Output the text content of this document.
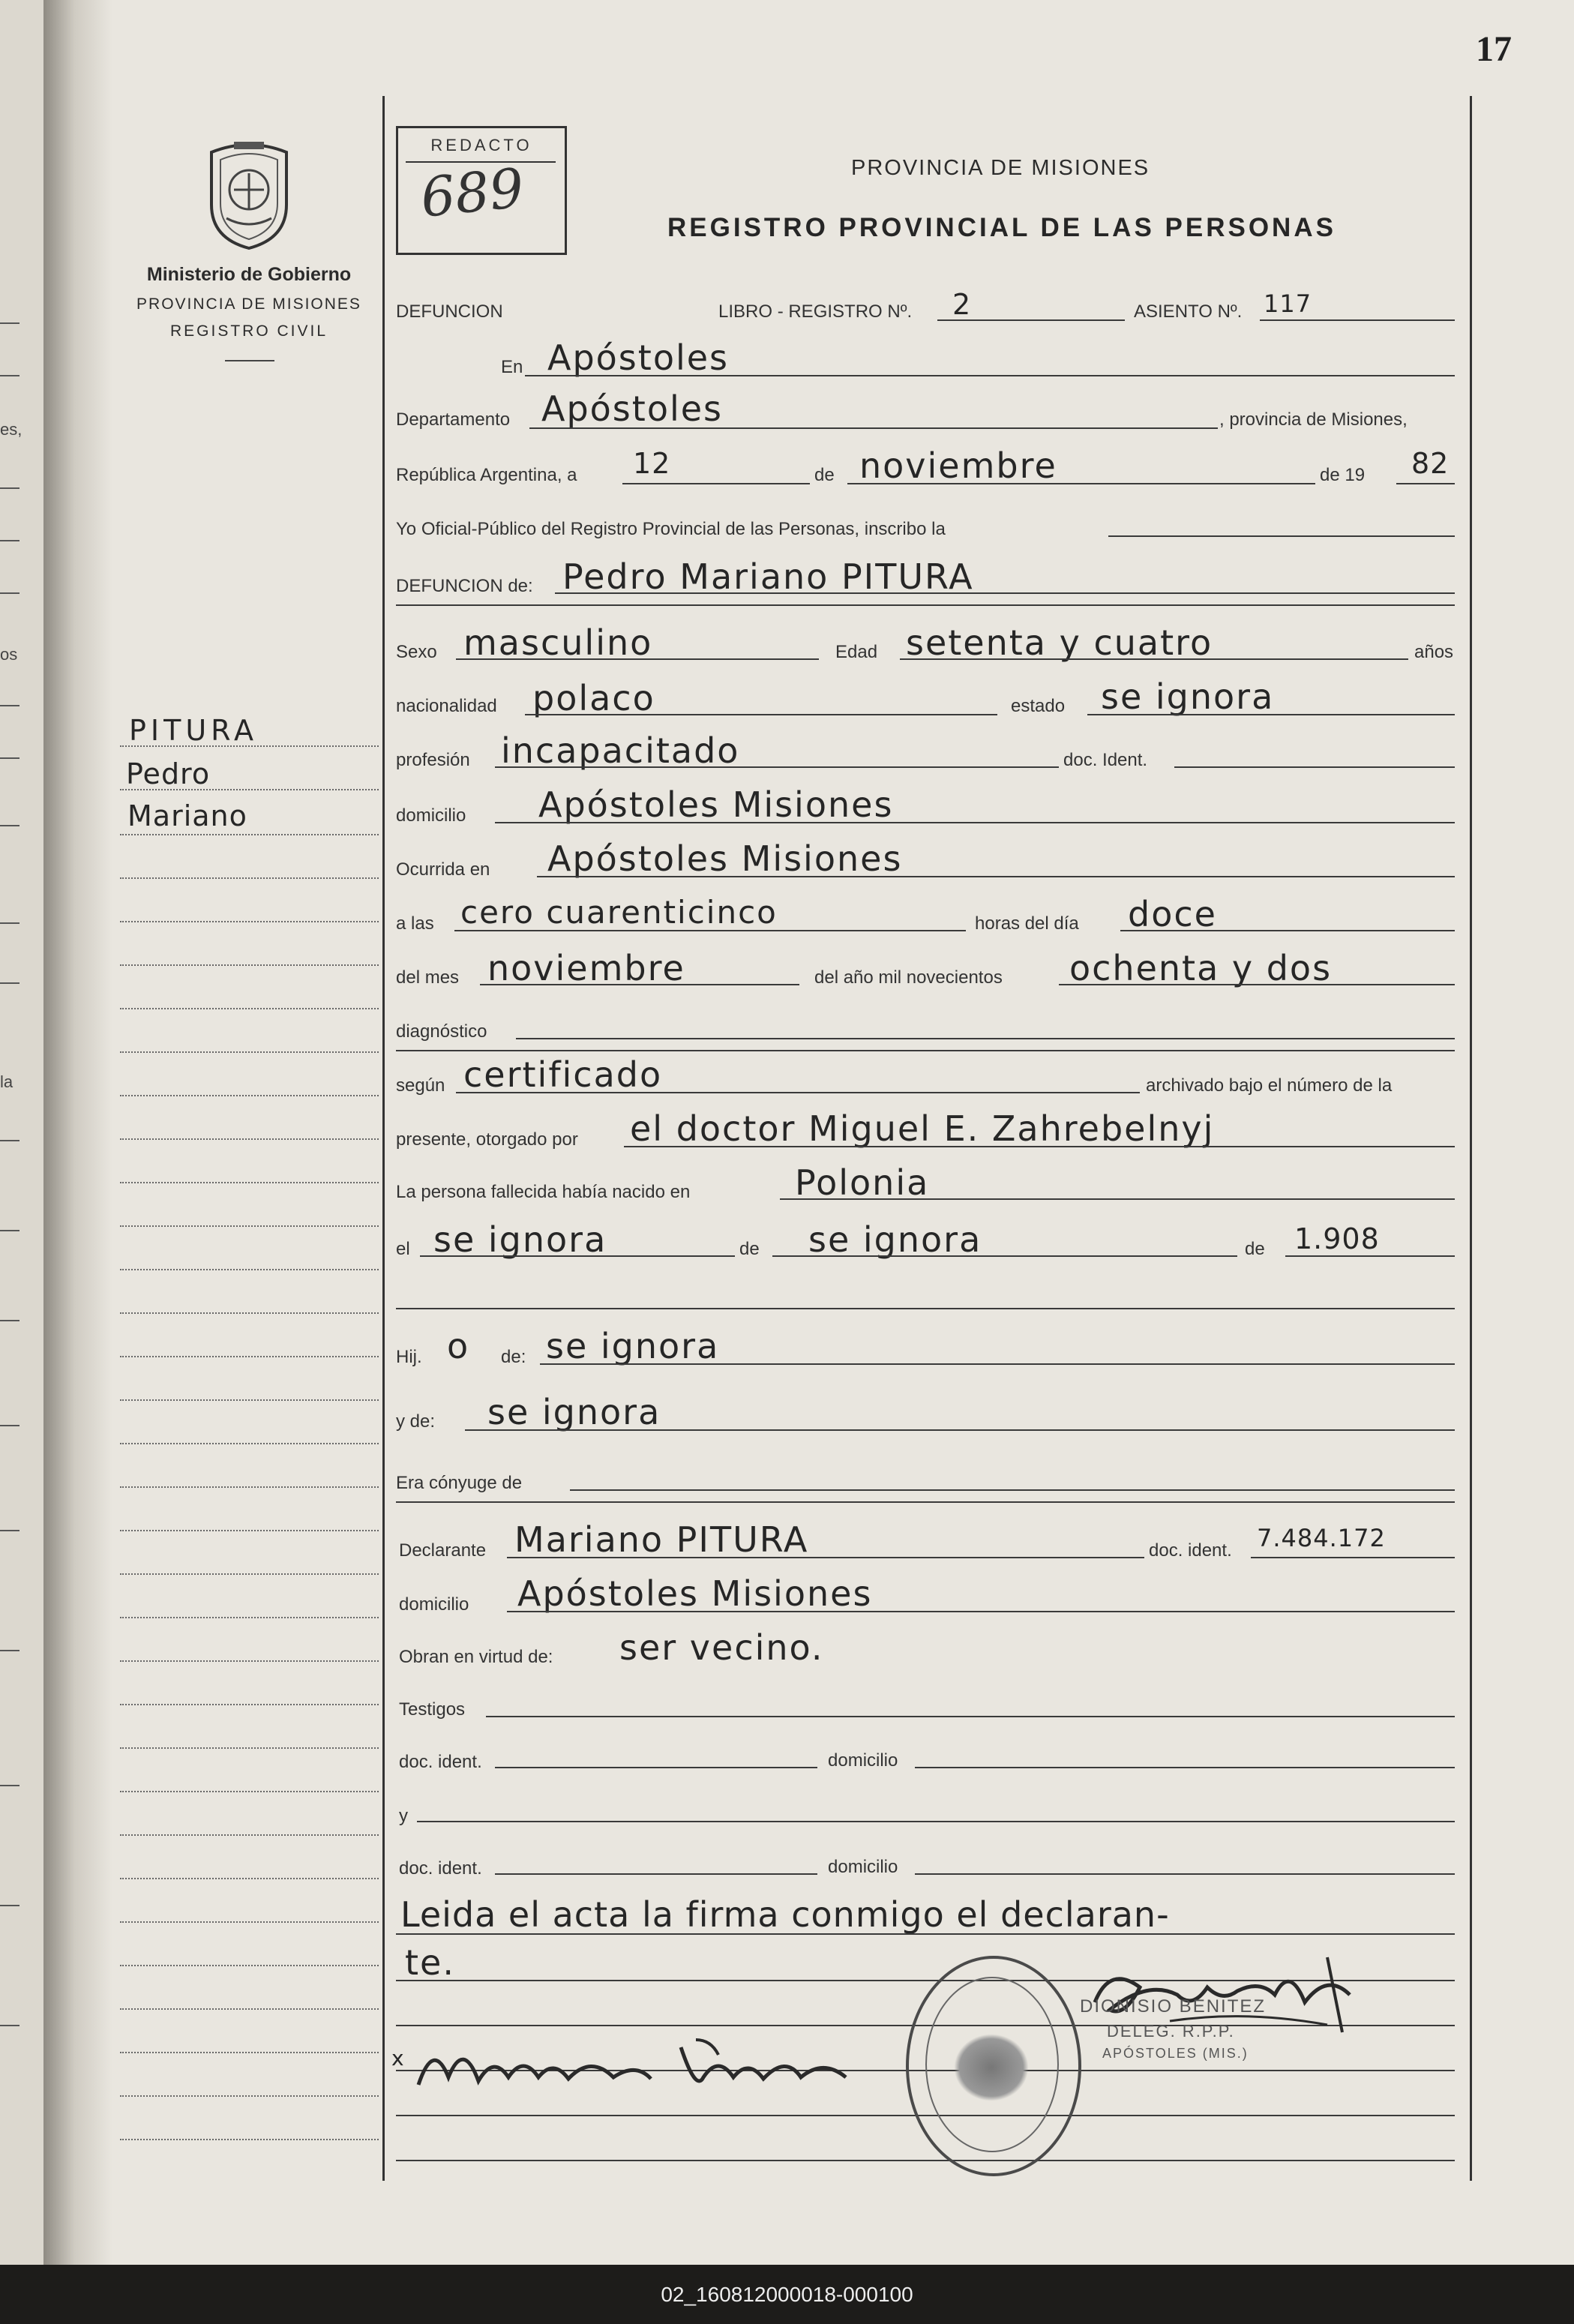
es,
os
la
17
Ministerio de Gobierno
PROVINCIA DE MISIONES
REGISTRO CIVIL
PITURA
Pedro
Mariano
REDACTO
689	PROVINCIA DE MISIONES
REGISTRO PROVINCIAL DE LAS PERSONAS
DEFUNCION	LIBRO - REGISTRO Nº. 2	ASIENTO Nº. 117
En Apóstoles
Departamento Apóstoles	, provincia de Misiones,
República Argentina, a 12	de noviembre	de 19 82
Yo Oficial-Público del Registro Provincial de las Personas, inscribo la
DEFUNCION de: Pedro Mariano PITURA
Sexo masculino	Edad setenta y cuatro	años
nacionalidad polaco	estado se ignora
profesión incapacitado	doc. Ident.
domicilio Apóstoles Misiones
Ocurrida en Apóstoles Misiones
a las cero cuarenticinco	horas del día doce
del mes noviembre	del año mil novecientos ochenta y dos
diagnóstico
según certificado	archivado bajo el número de la
presente, otorgado por el doctor Miguel E. Zahrebelnyj
La persona fallecida había nacido en	Polonia
el se ignora	de se ignora	de 1.908
Hij. o de: se ignora
y de: se ignora
Era cónyuge de
Declarante Mariano PITURA	doc. ident. 7.484.172
domicilio Apóstoles Misiones
Obran en virtud de: ser vecino.
Testigos
doc. ident.	domicilio
y
doc. ident.	domicilio
Leida el acta la firma conmigo el declaran-
te.
DIONISIO BENITEZ
DELEG. R.P.P.
APÓSTOLES (MIS.)
x
02_160812000018-000100
